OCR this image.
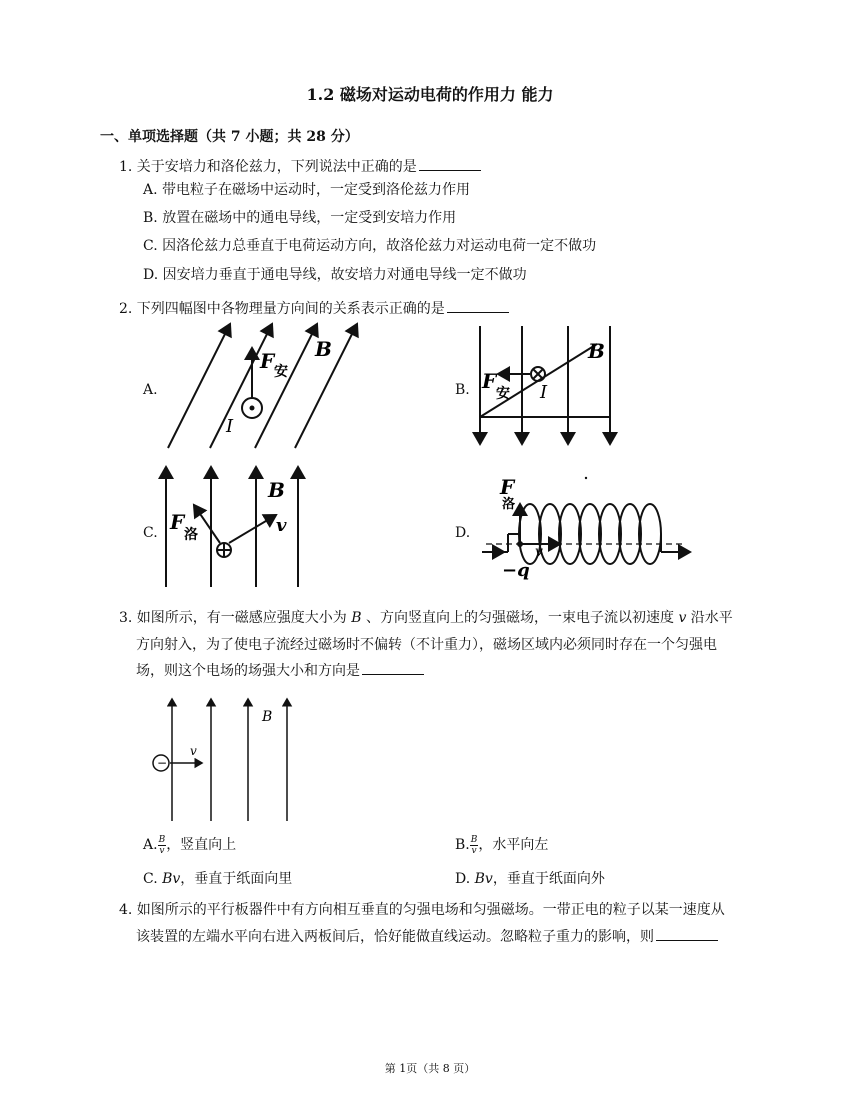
1.2 磁场对运动电荷的作用力 能力
一、单项选择题（共 7 小题；共 28 分）
1. 关于安培力和洛伦兹力，下列说法中正确的是
A. 带电粒子在磁场中运动时，一定受到洛伦兹力作用
B. 放置在磁场中的通电导线，一定受到安培力作用
C. 因洛伦兹力总垂直于电荷运动方向，故洛伦兹力对运动电荷一定不做功
D. 因安培力垂直于通电导线，故安培力对通电导线一定不做功
2. 下列四幅图中各物理量方向间的关系表示正确的是
A.	B.
C.	D.
F 安
B
I
B
F
安 I
B
F
洛	v
F
洛
−q
v
3. 如图所示，有一磁感应强度大小为 𝐵 、方向竖直向上的匀强磁场，一束电子流以初速度 𝑣 沿水平
方向射入，为了使电子流经过磁场时不偏转（不计重力），磁场区域内必须同时存在一个匀强电
场，则这个电场的场强大小和方向是
−
B
v
A. $\frac{B}{v}$ ，竖直向上	B. $\frac{B}{v}$ ，水平向左
C. 𝐵𝑣，垂直于纸面向里	D. 𝐵𝑣，垂直于纸面向外
4. 如图所示的平行板器件中有方向相互垂直的匀强电场和匀强磁场。一带正电的粒子以某一速度从
该装置的左端水平向右进入两板间后，恰好能做直线运动。忽略粒子重力的影响，则
第 1页（共 8 页）
